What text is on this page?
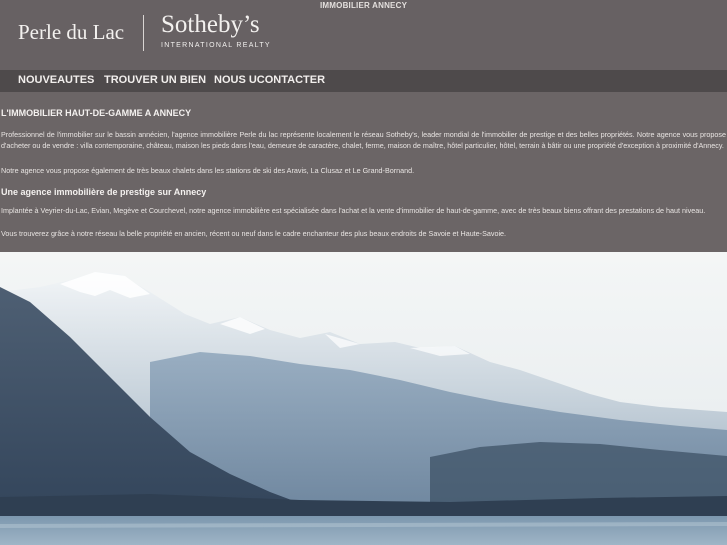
IMMOBILIER ANNECY
Perle du Lac Sotheby’s
INTERNATIONAL REALTY
NOUVEAUTES TROUVER UN BIEN NOUS UCONTACTER
L'IMMOBILIER HAUT-DE-GAMME A ANNECY
Professionnel de l'immobilier sur le bassin annécien, l'agence immobilière Perle du lac représente localement le réseau Sotheby's, leader mondial de l'immobilier de prestige et des belles propriétés. Notre agence vous propose d'acheter ou de vendre : villa contemporaine, château, maison les pieds dans l'eau, demeure de caractère, chalet, ferme, maison de maître, hôtel particulier, hôtel, terrain à bâtir ou une propriété d'exception à proximité d'Annecy.
Notre agence vous propose également de très beaux chalets dans les stations de ski des Aravis, La Clusaz et Le Grand-Bornand.
Une agence immobilière de prestige sur Annecy
Implantée à Veyrier-du-Lac, Evian, Megève et Courchevel, notre agence immobilière est spécialisée dans l'achat et la vente d'immobilier de haut-de-gamme, avec de très beaux biens offrant des prestations de haut niveau.
Vous trouverez grâce à notre réseau la belle propriété en ancien, récent ou neuf dans le cadre enchanteur des plus beaux endroits de Savoie et Haute-Savoie.
